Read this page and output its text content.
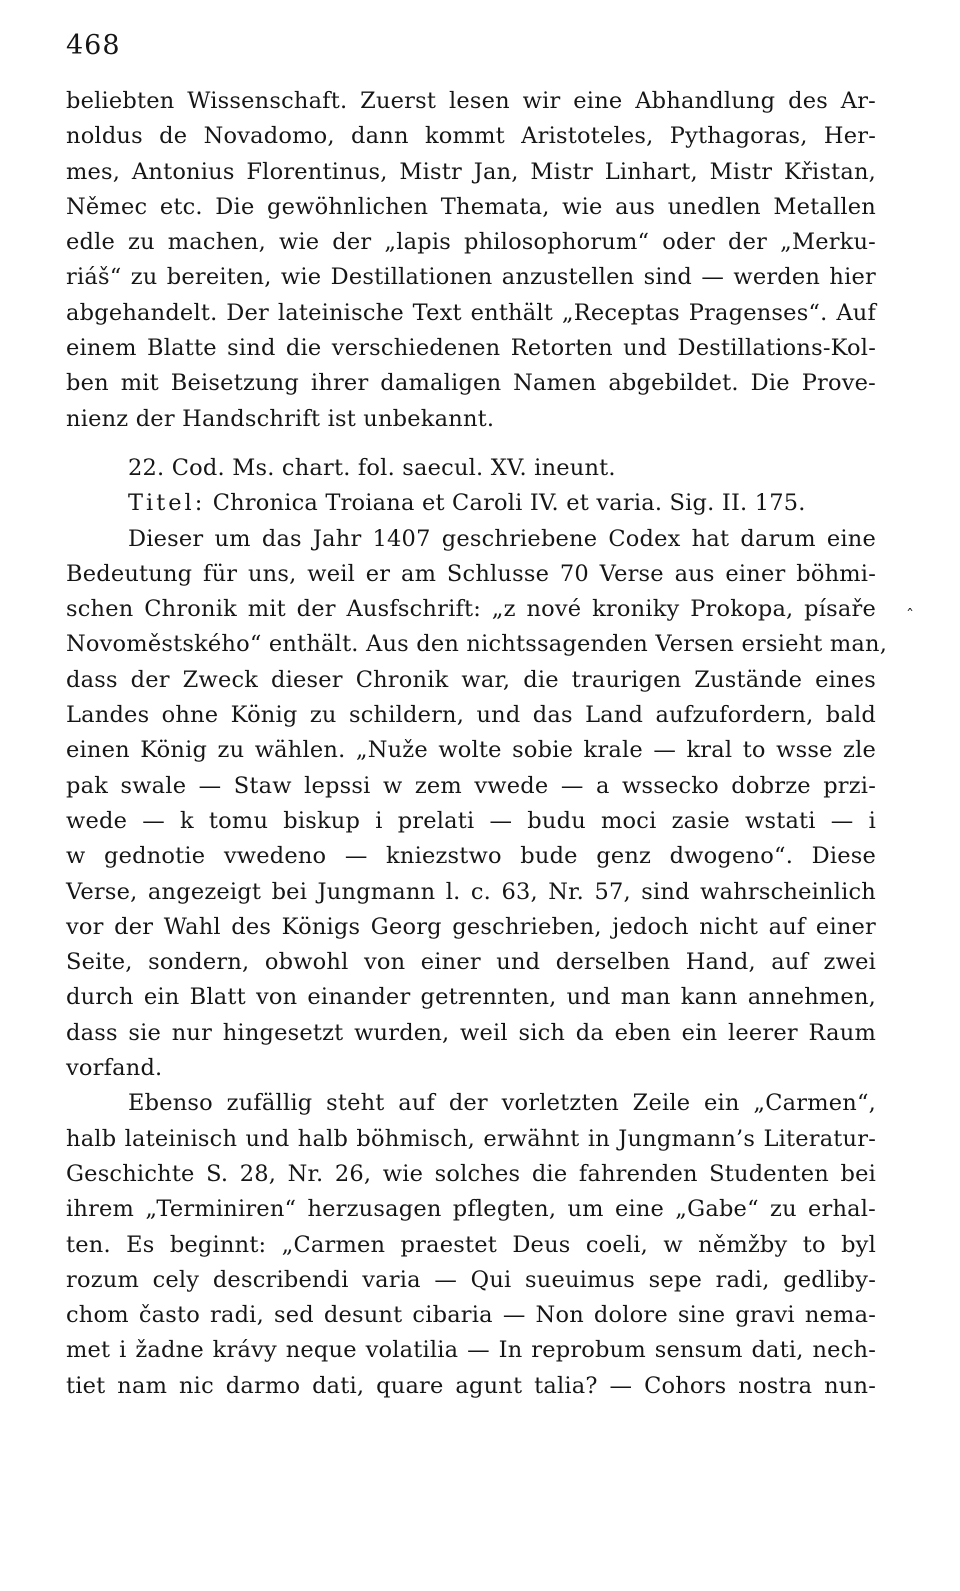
468
ˆ
beliebten Wissenschaft. Zuerst lesen wir eine Abhandlung des Ar-
noldus de Novadomo, dann kommt Aristoteles, Pythagoras, Her-
mes, Antonius Florentinus, Mistr Jan, Mistr Linhart, Mistr Křistan,
Němec etc. Die gewöhnlichen Themata, wie aus unedlen Metallen
edle zu machen, wie der „lapis philosophorum“ oder der „Merku-
riáš“ zu bereiten, wie Destillationen anzustellen sind — werden hier
abgehandelt. Der lateinische Text enthält „Receptas Pragenses“. Auf
einem Blatte sind die verschiedenen Retorten und Destillations-Kol-
ben mit Beisetzung ihrer damaligen Namen abgebildet. Die Prove-
nienz der Handschrift ist unbekannt.
22. Cod. Ms. chart. fol. saecul. XV. ineunt.
Titel: Chronica Troiana et Caroli IV. et varia. Sig. II. 175.
Dieser um das Jahr 1407 geschriebene Codex hat darum eine
Bedeutung für uns, weil er am Schlusse 70 Verse aus einer böhmi-
schen Chronik mit der Ausfschrift: „z nové kroniky Prokopa, písaře
Novoměstského“ enthält. Aus den nichtssagenden Versen ersieht man,
dass der Zweck dieser Chronik war, die traurigen Zustände eines
Landes ohne König zu schildern, und das Land aufzufordern, bald
einen König zu wählen. „Nuže wolte sobie krale — kral to wsse zle
pak swale — Staw lepssi w zem vwede — a wssecko dobrze przi-
wede — k tomu biskup i prelati — budu moci zasie wstati — i
w gednotie vwedeno — kniezstwo bude genz dwogeno“. Diese
Verse, angezeigt bei Jungmann l. c. 63, Nr. 57, sind wahrscheinlich
vor der Wahl des Königs Georg geschrieben, jedoch nicht auf einer
Seite, sondern, obwohl von einer und derselben Hand, auf zwei
durch ein Blatt von einander getrennten, und man kann annehmen,
dass sie nur hingesetzt wurden, weil sich da eben ein leerer Raum
vorfand.
Ebenso zufällig steht auf der vorletzten Zeile ein „Carmen“,
halb lateinisch und halb böhmisch, erwähnt in Jungmann’s Literatur-
Geschichte S. 28, Nr. 26, wie solches die fahrenden Studenten bei
ihrem „Terminiren“ herzusagen pflegten, um eine „Gabe“ zu erhal-
ten. Es beginnt: „Carmen praestet Deus coeli, w němžby to byl
rozum cely describendi varia — Qui sueuimus sepe radi, gedliby-
chom často radi, sed desunt cibaria — Non dolore sine gravi nema-
met i žadne krávy neque volatilia — In reprobum sensum dati, nech-
tiet nam nic darmo dati, quare agunt talia? — Cohors nostra nun-
